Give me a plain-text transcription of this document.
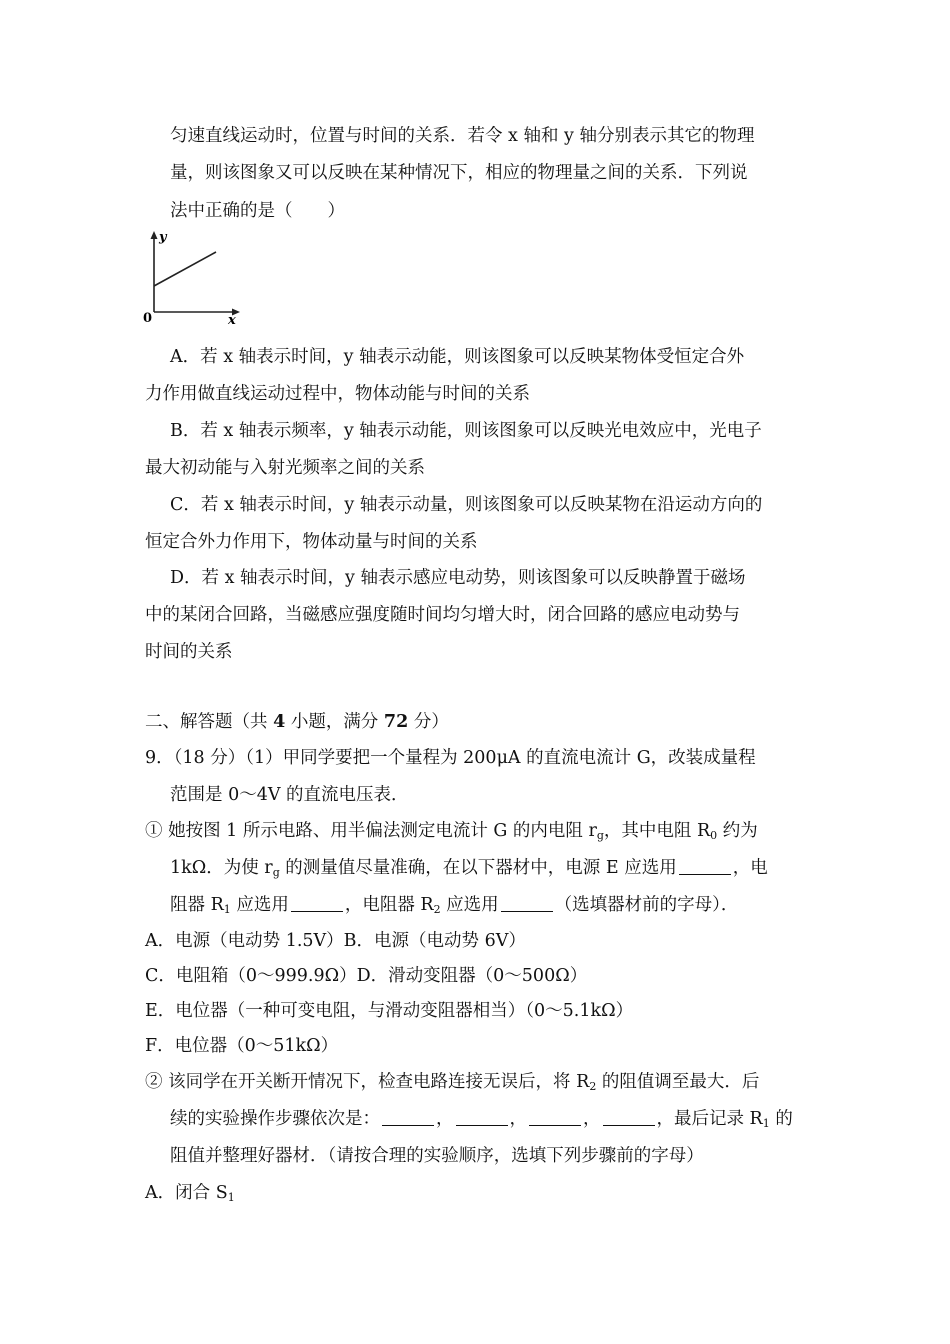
匀速直线运动时，位置与时间的关系．若令 x 轴和 y 轴分别表示其它的物理
量，则该图象又可以反映在某种情况下，相应的物理量之间的关系．下列说
法中正确的是（　　）
y
x
0
A．若 x 轴表示时间，y 轴表示动能，则该图象可以反映某物体受恒定合外
力作用做直线运动过程中，物体动能与时间的关系
B．若 x 轴表示频率，y 轴表示动能，则该图象可以反映光电效应中，光电子
最大初动能与入射光频率之间的关系
C．若 x 轴表示时间，y 轴表示动量，则该图象可以反映某物在沿运动方向的
恒定合外力作用下，物体动量与时间的关系
D．若 x 轴表示时间，y 轴表示感应电动势，则该图象可以反映静置于磁场
中的某闭合回路，当磁感应强度随时间均匀增大时，闭合回路的感应电动势与
时间的关系
二、解答题（共 4 小题，满分 72 分）
9．（18 分）（1）甲同学要把一个量程为 200μA 的直流电流计 G，改装成量程
范围是 0～4V 的直流电压表．
① 她按图 1 所示电路、用半偏法测定电流计 G 的内电阻 $r_g$，其中电阻 $R_0$ 约为
1kΩ．为使 $r_g$ 的测量值尽量准确，在以下器材中，电源 E 应选用	，电
阻器 $R_1$ 应选用	，电阻器 $R_2$ 应选用	（选填器材前的字母）．
A．电源（电动势 1.5V）B．电源（电动势 6V）
C．电阻箱（0～999.9Ω）D．滑动变阻器（0～500Ω）
E．电位器（一种可变电阻，与滑动变阻器相当）（0～5.1kΩ）
F．电位器（0～51kΩ）
② 该同学在开关断开情况下，检查电路连接无误后，将 $R_2$ 的阻值调至最大．后
续的实验操作步骤依次是：	，	，	，	，最后记录 $R_1$ 的
阻值并整理好器材．（请按合理的实验顺序，选填下列步骤前的字母）
A．闭合 $S_1$
